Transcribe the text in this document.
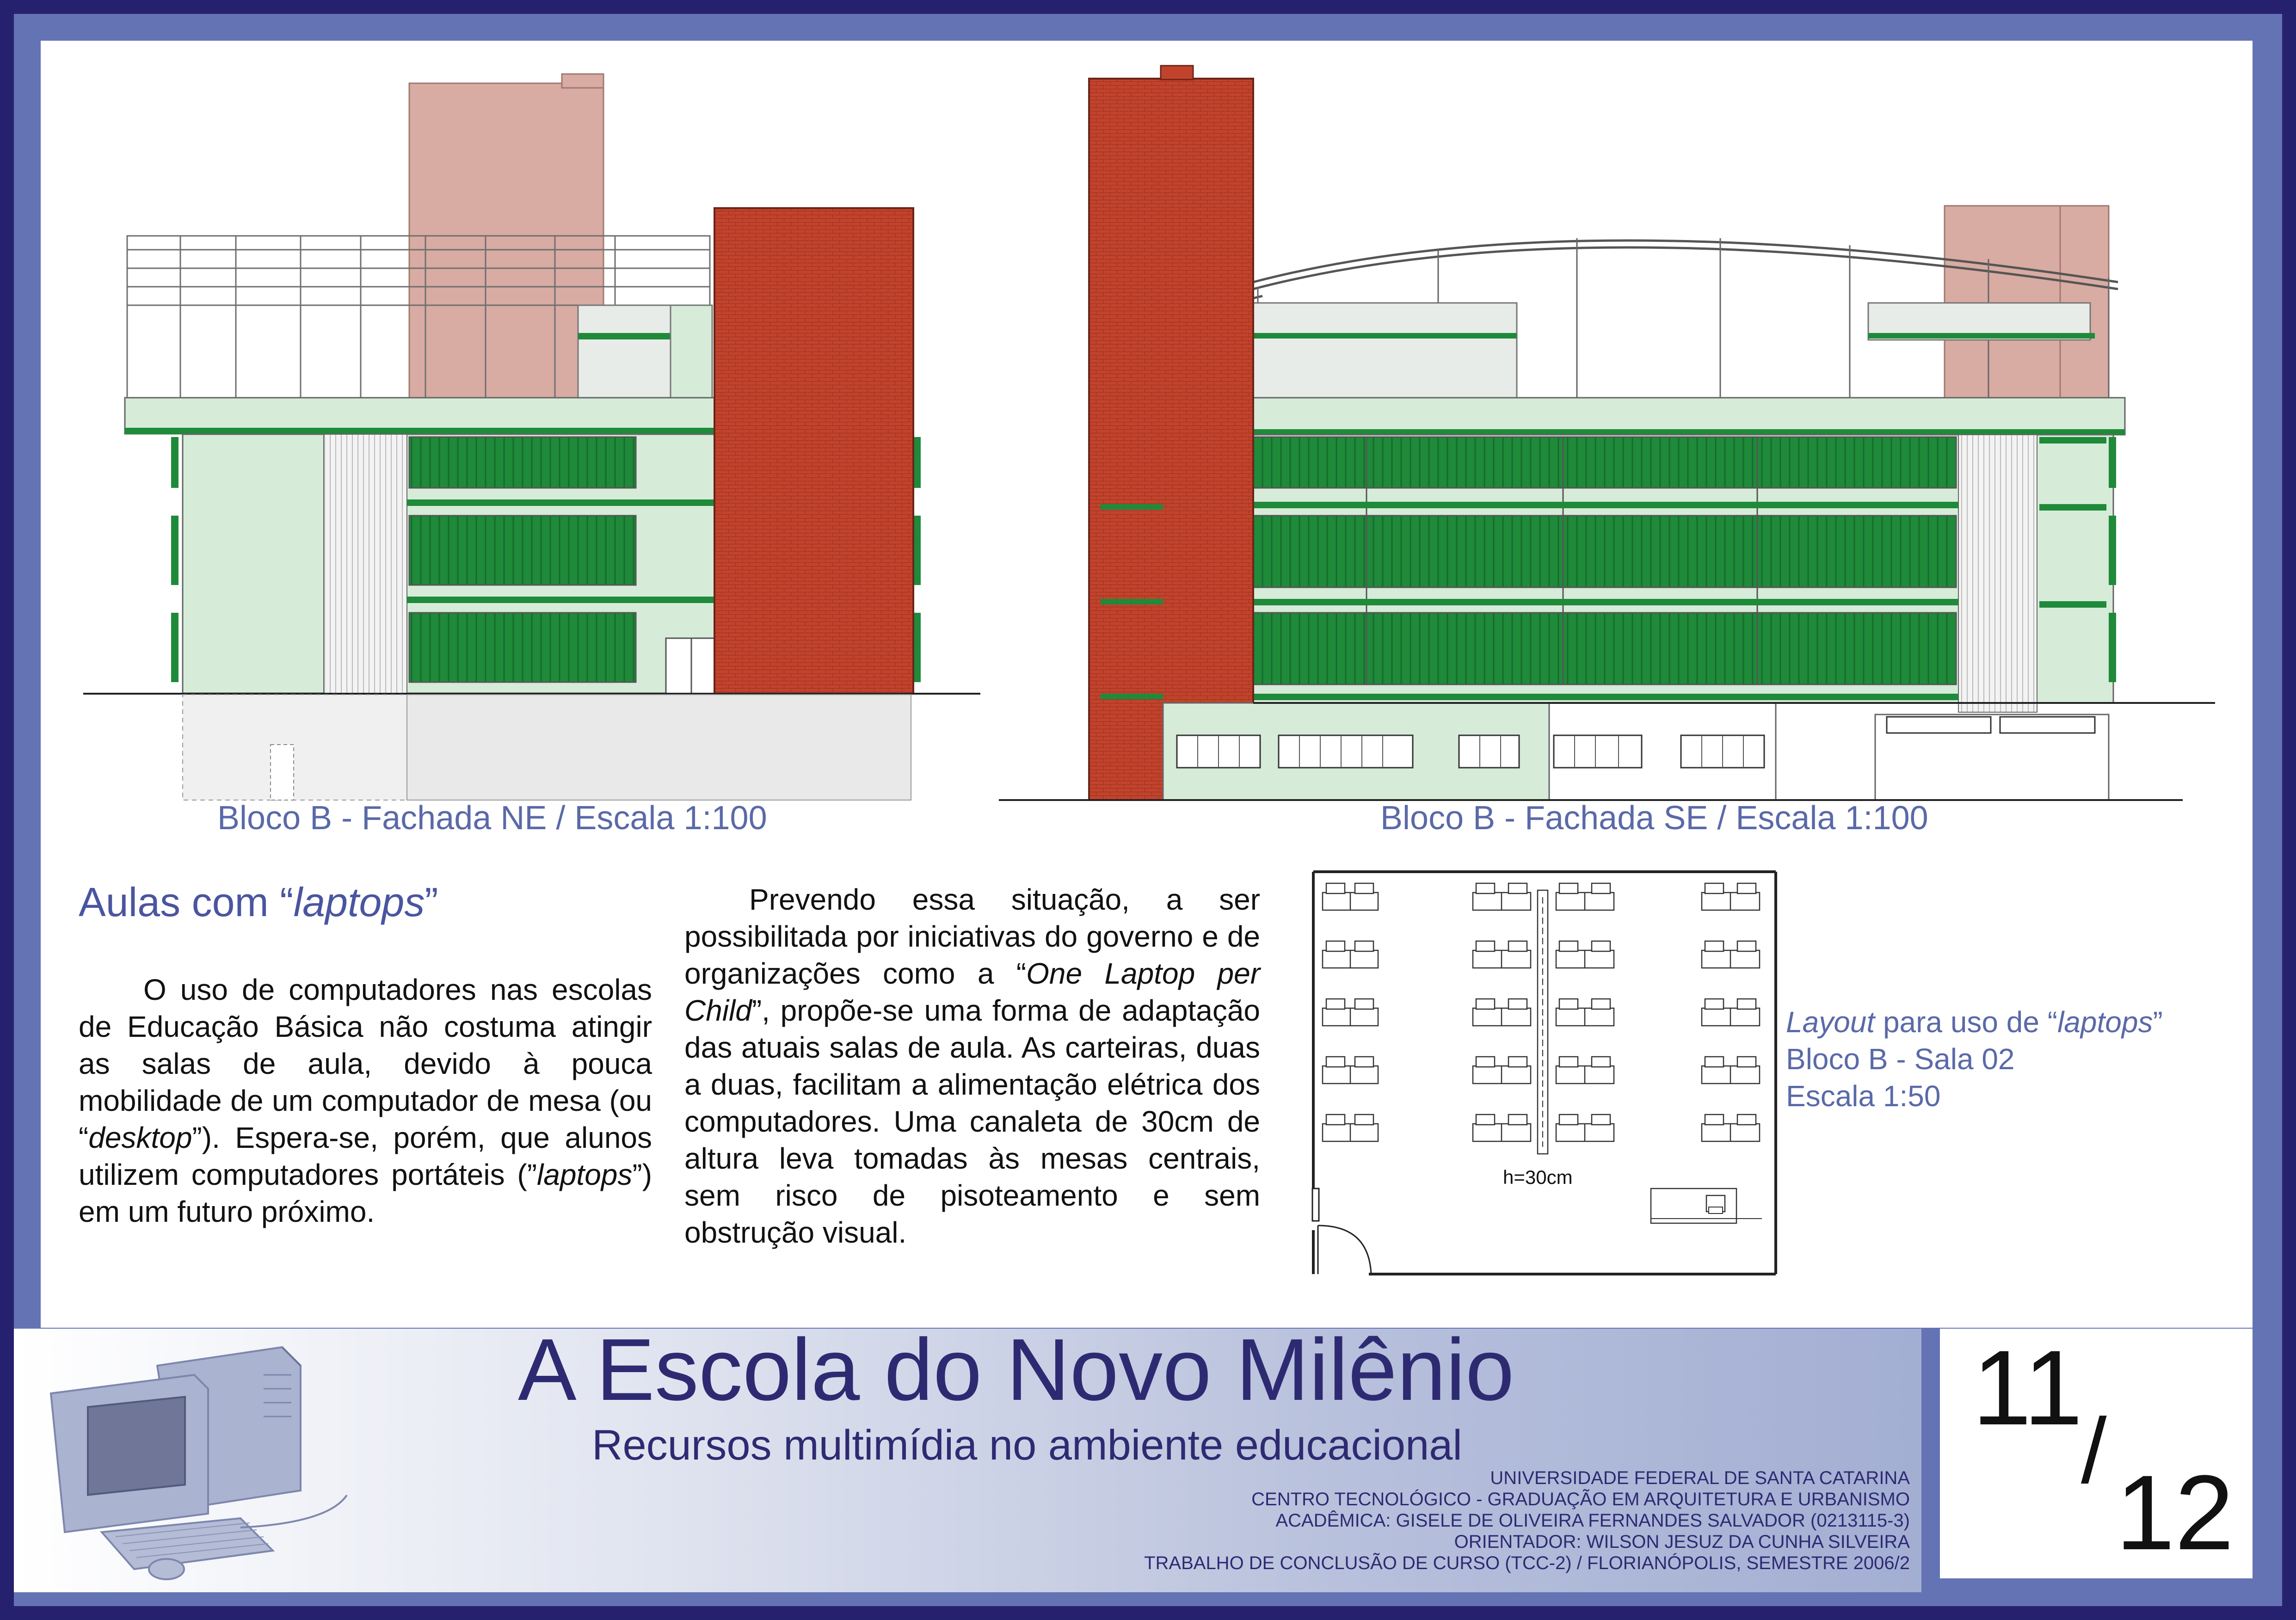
Bloco B - Fachada NE / Escala 1:100	Bloco B - Fachada SE / Escala 1:100
Aulas com “laptops”

O uso de computadores nas escolas de Educação Básica não costuma atingir as salas de aula, devido à pouca mobilidade de um computador de mesa (ou “desktop”). Espera-se, porém, que alunos utilizem computadores portáteis (”laptops”) em um futuro próximo.

Prevendo essa situação, a ser possibilitada por iniciativas do governo e de organizações como a “One Laptop per Child”, propõe-se uma forma de adaptação das atuais salas de aula. As carteiras, duas a duas, facilitam a alimentação elétrica dos computadores. Uma canaleta de 30cm de altura leva tomadas às mesas centrais, sem risco de pisoteamento e sem obstrução visual.

h=30cm
Layout para uso de “laptops”
Bloco B - Sala 02
Escala 1:50
A Escola do Novo Milênio
Recursos multimídia no ambiente educacional
UNIVERSIDADE FEDERAL DE SANTA CATARINA
CENTRO TECNOLÓGICO - GRADUAÇÃO EM ARQUITETURA E URBANISMO
ACADÊMICA: GISELE DE OLIVEIRA FERNANDES SALVADOR (0213115-3)
ORIENTADOR: WILSON JESUZ DA CUNHA SILVEIRA
TRABALHO DE CONCLUSÃO DE CURSO (TCC-2) / FLORIANÓPOLIS, SEMESTRE 2006/2
11
/
12
